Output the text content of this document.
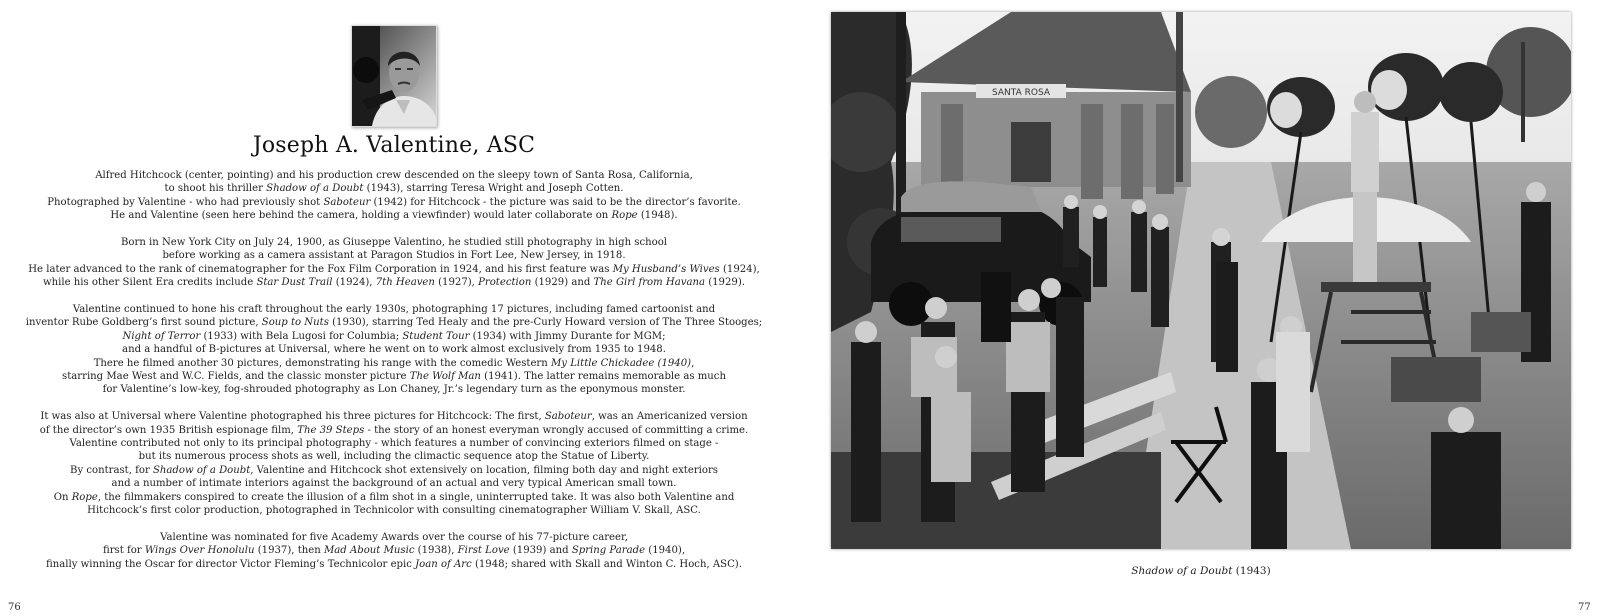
Joseph A. Valentine, ASC
Alfred Hitchcock (center, pointing) and his production crew descended on the sleepy town of Santa Rosa, California,
to shoot his thriller Shadow of a Doubt (1943), starring Teresa Wright and Joseph Cotten.
Photographed by Valentine - who had previously shot Saboteur (1942) for Hitchcock - the picture was said to be the director’s favorite.
He and Valentine (seen here behind the camera, holding a viewfinder) would later collaborate on Rope (1948).
Born in New York City on July 24, 1900, as Giuseppe Valentino, he studied still photography in high school
before working as a camera assistant at Paragon Studios in Fort Lee, New Jersey, in 1918.
He later advanced to the rank of cinematographer for the Fox Film Corporation in 1924, and his first feature was My Husband’s Wives (1924),
while his other Silent Era credits include Star Dust Trail (1924), 7th Heaven (1927), Protection (1929) and The Girl from Havana (1929).
Valentine continued to hone his craft throughout the early 1930s, photographing 17 pictures, including famed cartoonist and
inventor Rube Goldberg’s first sound picture, Soup to Nuts (1930), starring Ted Healy and the pre-Curly Howard version of The Three Stooges;
Night of Terror (1933) with Bela Lugosi for Columbia; Student Tour (1934) with Jimmy Durante for MGM;
and a handful of B-pictures at Universal, where he went on to work almost exclusively from 1935 to 1948.
There he filmed another 30 pictures, demonstrating his range with the comedic Western My Little Chickadee (1940),
starring Mae West and W.C. Fields, and the classic monster picture The Wolf Man (1941). The latter remains memorable as much
for Valentine’s low-key, fog-shrouded photography as Lon Chaney, Jr.’s legendary turn as the eponymous monster.
It was also at Universal where Valentine photographed his three pictures for Hitchcock: The first, Saboteur, was an Americanized version
of the director’s own 1935 British espionage film, The 39 Steps - the story of an honest everyman wrongly accused of committing a crime.
Valentine contributed not only to its principal photography - which features a number of convincing exteriors filmed on stage -
but its numerous process shots as well, including the climactic sequence atop the Statue of Liberty.
By contrast, for Shadow of a Doubt, Valentine and Hitchcock shot extensively on location, filming both day and night exteriors
and a number of intimate interiors against the background of an actual and very typical American small town.
On Rope, the filmmakers conspired to create the illusion of a film shot in a single, uninterrupted take. It was also both Valentine and
Hitchcock’s first color production, photographed in Technicolor with consulting cinematographer William V. Skall, ASC.
Valentine was nominated for five Academy Awards over the course of his 77-picture career,
first for Wings Over Honolulu (1937), then Mad About Music (1938), First Love (1939) and Spring Parade (1940),
finally winning the Oscar for director Victor Fleming’s Technicolor epic Joan of Arc (1948; shared with Skall and Winton C. Hoch, ASC).
76
SANTA ROSA
Shadow of a Doubt (1943)
77
